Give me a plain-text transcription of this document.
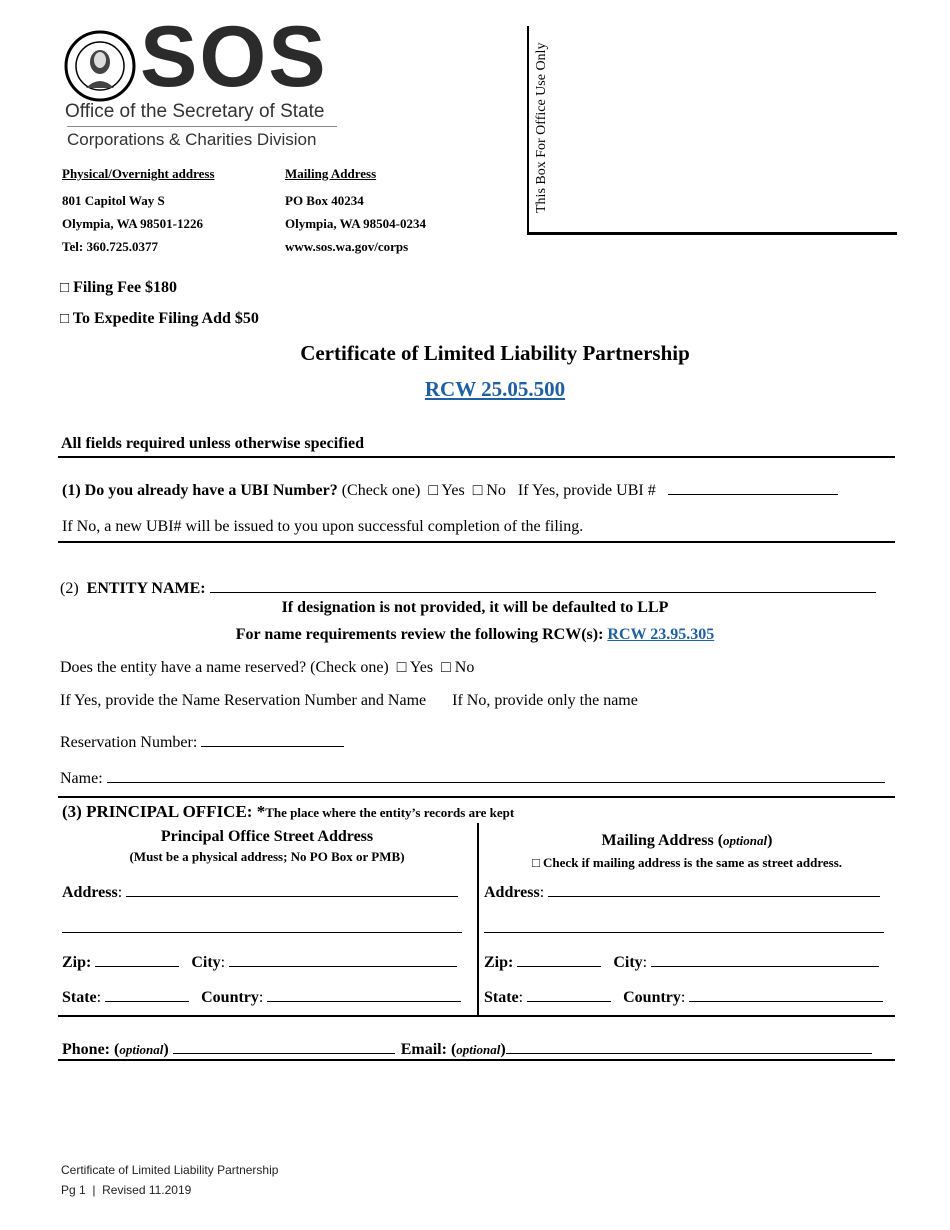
SOS
Office of the Secretary of State
Corporations & Charities Division
Physical/Overnight address
801 Capitol Way S
Olympia, WA 98501-1226
Tel: 360.725.0377
Mailing Address
PO Box 40234
Olympia, WA 98504-0234
www.sos.wa.gov/corps
This Box For Office Use Only
□ Filing Fee $180
□ To Expedite Filing Add $50
Certificate of Limited Liability Partnership
RCW 25.05.500
All fields required unless otherwise specified
(1) Do you already have a UBI Number? (Check one) □ Yes □ No If Yes, provide UBI #
If No, a new UBI# will be issued to you upon successful completion of the filing.
(2) ENTITY NAME:
If designation is not provided, it will be defaulted to LLP
For name requirements review the following RCW(s): RCW 23.95.305
Does the entity have a name reserved? (Check one) □ Yes □ No
If Yes, provide the Name Reservation Number and Name If No, provide only the name
Reservation Number:
Name:
(3) PRINCIPAL OFFICE: *The place where the entity’s records are kept
Principal Office Street Address
(Must be a physical address; No PO Box or PMB)
Address:
Zip:	City:
State:	Country:
Mailing Address (optional)
□ Check if mailing address is the same as street address.
Address:
Zip:	City:
State:	Country:
Phone: (optional)	Email: (optional)
Certificate of Limited Liability Partnership
Pg 1  |  Revised 11.2019
